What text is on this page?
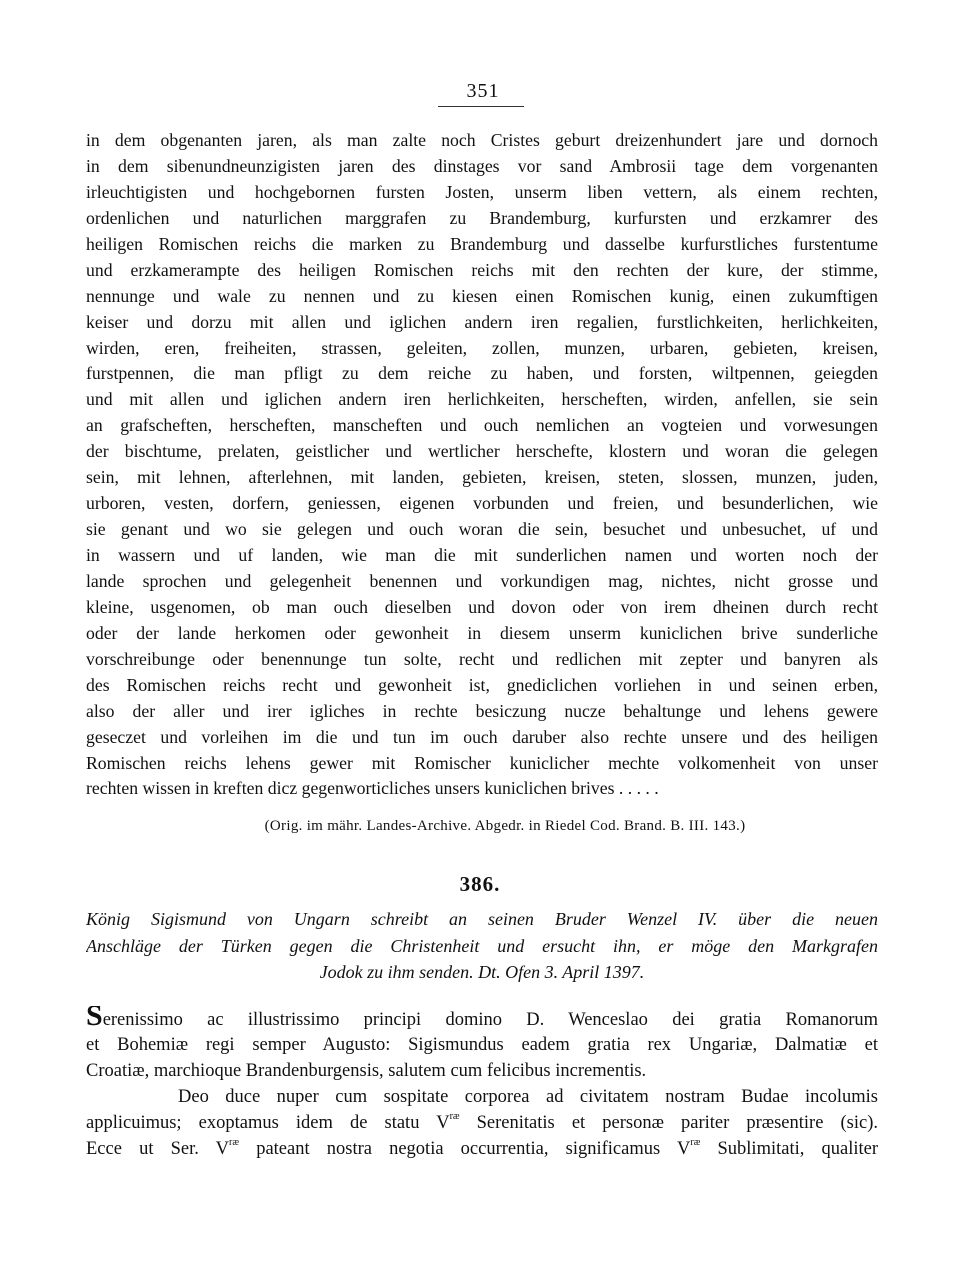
351
in dem obgenanten jaren, als man zalte noch Cristes geburt dreizenhundert jare und dornoch
in dem sibenundneunzigisten jaren des dinstages vor sand Ambrosii tage dem vorgenanten
irleuchtigisten und hochgebornen fursten Josten, unserm liben vettern, als einem rechten,
ordenlichen und naturlichen marggrafen zu Brandemburg, kurfursten und erzkamrer des
heiligen Romischen reichs die marken zu Brandemburg und dasselbe kurfurstliches furstentume
und erzkamerampte des heiligen Romischen reichs mit den rechten der kure, der stimme,
nennunge und wale zu nennen und zu kiesen einen Romischen kunig, einen zukumftigen
keiser und dorzu mit allen und iglichen andern iren regalien, furstlichkeiten, herlichkeiten,
wirden, eren, freiheiten, strassen, geleiten, zollen, munzen, urbaren, gebieten, kreisen,
furstpennen, die man pfligt zu dem reiche zu haben, und forsten, wiltpennen, geiegden
und mit allen und iglichen andern iren herlichkeiten, herscheften, wirden, anfellen, sie sein
an grafscheften, herscheften, manscheften und ouch nemlichen an vogteien und vorwesungen
der bischtume, prelaten, geistlicher und wertlicher herschefte, klostern und woran die gelegen
sein, mit lehnen, afterlehnen, mit landen, gebieten, kreisen, steten, slossen, munzen, juden,
urboren, vesten, dorfern, geniessen, eigenen vorbunden und freien, und besunderlichen, wie
sie genant und wo sie gelegen und ouch woran die sein, besuchet und unbesuchet, uf und
in wassern und uf landen, wie man die mit sunderlichen namen und worten noch der
lande sprochen und gelegenheit benennen und vorkundigen mag, nichtes, nicht grosse und
kleine, usgenomen, ob man ouch dieselben und dovon oder von irem dheinen durch recht
oder der lande herkomen oder gewonheit in diesem unserm kuniclichen brive sunderliche
vorschreibunge oder benennunge tun solte, recht und redlichen mit zepter und banyren als
des Romischen reichs recht und gewonheit ist, gnediclichen vorliehen in und seinen erben,
also der aller und irer igliches in rechte besiczung nucze behaltunge und lehens gewere
geseczet und vorleihen im die und tun im ouch daruber also rechte unsere und des heiligen
Romischen reichs lehens gewer mit Romischer kuniclicher mechte volkomenheit von unser
rechten wissen in kreften dicz gegenworticliches unsers kuniclichen brives . . . . .
(Orig. im mähr. Landes-Archive. Abgedr. in Riedel Cod. Brand. B. III. 143.)
386.
König Sigismund von Ungarn schreibt an seinen Bruder Wenzel IV. über die neuen
Anschläge der Türken gegen die Christenheit und ersucht ihn, er möge den Markgrafen
Jodok zu ihm senden. Dt. Ofen 3. April 1397.
Serenissimo ac illustrissimo principi domino D. Wenceslao dei gratia Romanorum
et Bohemiæ regi semper Augusto: Sigismundus eadem gratia rex Ungariæ, Dalmatiæ et
Croatiæ, marchioque Brandenburgensis, salutem cum felicibus incrementis.
Deo duce nuper cum sospitate corporea ad civitatem nostram Budae incolumis
applicuimus; exoptamus idem de statu $V^{ræ}$ Serenitatis et personæ pariter præsentire (sic).
Ecce ut Ser. $V^{ræ}$ pateant nostra negotia occurrentia, significamus $V^{ræ}$ Sublimitati, qualiter
